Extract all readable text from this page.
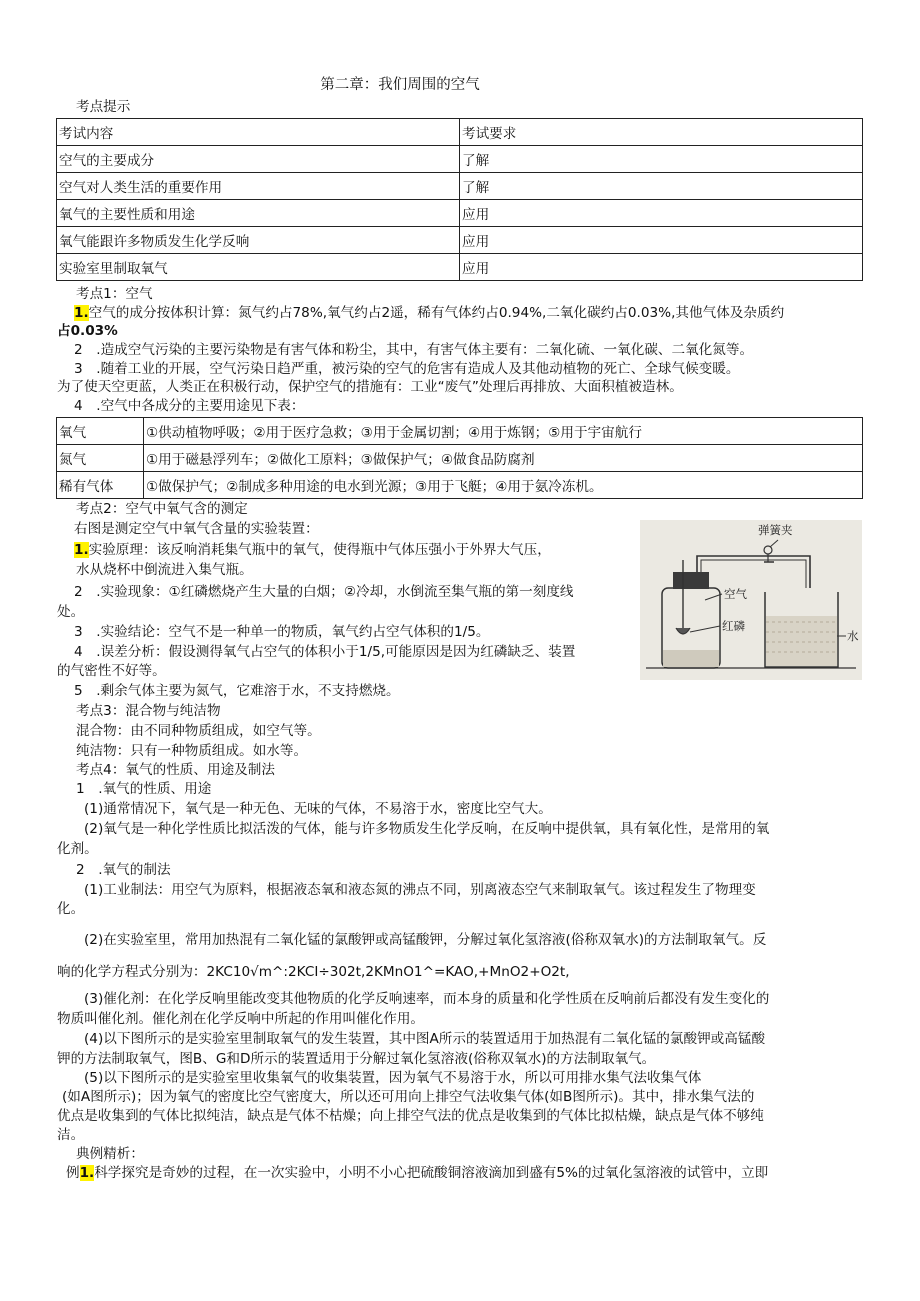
第二章：我们周围的空气
考点提示
考试内容	考试要求
空气的主要成分	了解
空气对人类生活的重要作用	了解
氧气的主要性质和用途	应用
氧气能跟许多物质发生化学反响	应用
实验室里制取氧气	应用
考点1：空气
1.空气的成分按体积计算：氮气约占78%,氧气约占2遥，稀有气体约占0.94%,二氧化碳约占0.03%,其他气体及杂质约
占0.03%
2　.造成空气污染的主要污染物是有害气体和粉尘，其中，有害气体主要有：二氧化硫、一氧化碳、二氧化氮等。
3　.随着工业的开展，空气污染日趋严重，被污染的空气的危害有造成人及其他动植物的死亡、全球气候变暖。
为了使天空更蓝，人类正在积极行动，保护空气的措施有：工业“废气”处理后再排放、大面积植被造林。
4　.空气中各成分的主要用途见下表：
氧气	①供动植物呼吸；②用于医疗急救；③用于金属切割；④用于炼钢；⑤用于宇宙航行
氮气	①用于磁悬浮列车；②做化工原料；③做保护气；④做食品防腐剂
稀有气体	①做保护气；②制成多种用途的电水到光源；③用于飞艇；④用于氨冷冻机。
考点2：空气中氧气含的测定
右图是测定空气中氧气含量的实验装置：
1.实验原理：该反响消耗集气瓶中的氧气，使得瓶中气体压强小于外界大气压，
水从烧杯中倒流进入集气瓶。
2　.实验现象：①红磷燃烧产生大量的白烟；②冷却，水倒流至集气瓶的第一刻度线
处。
3　.实验结论：空气不是一种单一的物质，氧气约占空气体积的1/5。
4　.误差分析：假设测得氧气占空气的体积小于1/5,可能原因是因为红磷缺乏、装置
的气密性不好等。
5　.剩余气体主要为氮气，它难溶于水，不支持燃烧。
弹簧夹
空气
红磷
水
考点3：混合物与纯洁物
混合物：由不同种物质组成，如空气等。
纯洁物：只有一种物质组成。如水等。
考点4：氧气的性质、用途及制法
1　.氧气的性质、用途
(1)通常情况下，氧气是一种无色、无味的气体，不易溶于水，密度比空气大。
(2)氧气是一种化学性质比拟活泼的气体，能与许多物质发生化学反响，在反响中提供氧，具有氧化性，是常用的氧
化剂。
2　.氧气的制法
(1)工业制法：用空气为原料，根据液态氧和液态氮的沸点不同，别离液态空气来制取氧气。该过程发生了物理变
化。
(2)在实验室里，常用加热混有二氧化锰的氯酸钾或高锰酸钾，分解过氧化氢溶液(俗称双氧水)的方法制取氧气。反
响的化学方程式分别为：2KC10√m^:2KCI÷302t,2KMnO1^=KAO,+MnO2+O2t,
(3)催化剂：在化学反响里能改变其他物质的化学反响速率，而本身的质量和化学性质在反响前后都没有发生变化的
物质叫催化剂。催化剂在化学反响中所起的作用叫催化作用。
(4)以下图所示的是实验室里制取氧气的发生装置，其中图A所示的装置适用于加热混有二氧化锰的氯酸钾或高锰酸
钾的方法制取氧气，图B、G和D所示的装置适用于分解过氧化氢溶液(俗称双氧水)的方法制取氧气。
(5)以下图所示的是实验室里收集氧气的收集装置，因为氧气不易溶于水，所以可用排水集气法收集气体
(如A图所示)；因为氧气的密度比空气密度大，所以还可用向上排空气法收集气体(如B图所示)。其中，排水集气法的
优点是收集到的气体比拟纯洁，缺点是气体不枯燥；向上排空气法的优点是收集到的气体比拟枯燥，缺点是气体不够纯
洁。
典例精析：
例1.科学探究是奇妙的过程，在一次实验中，小明不小心把硫酸铜溶液滴加到盛有5%的过氧化氢溶液的试管中，立即
